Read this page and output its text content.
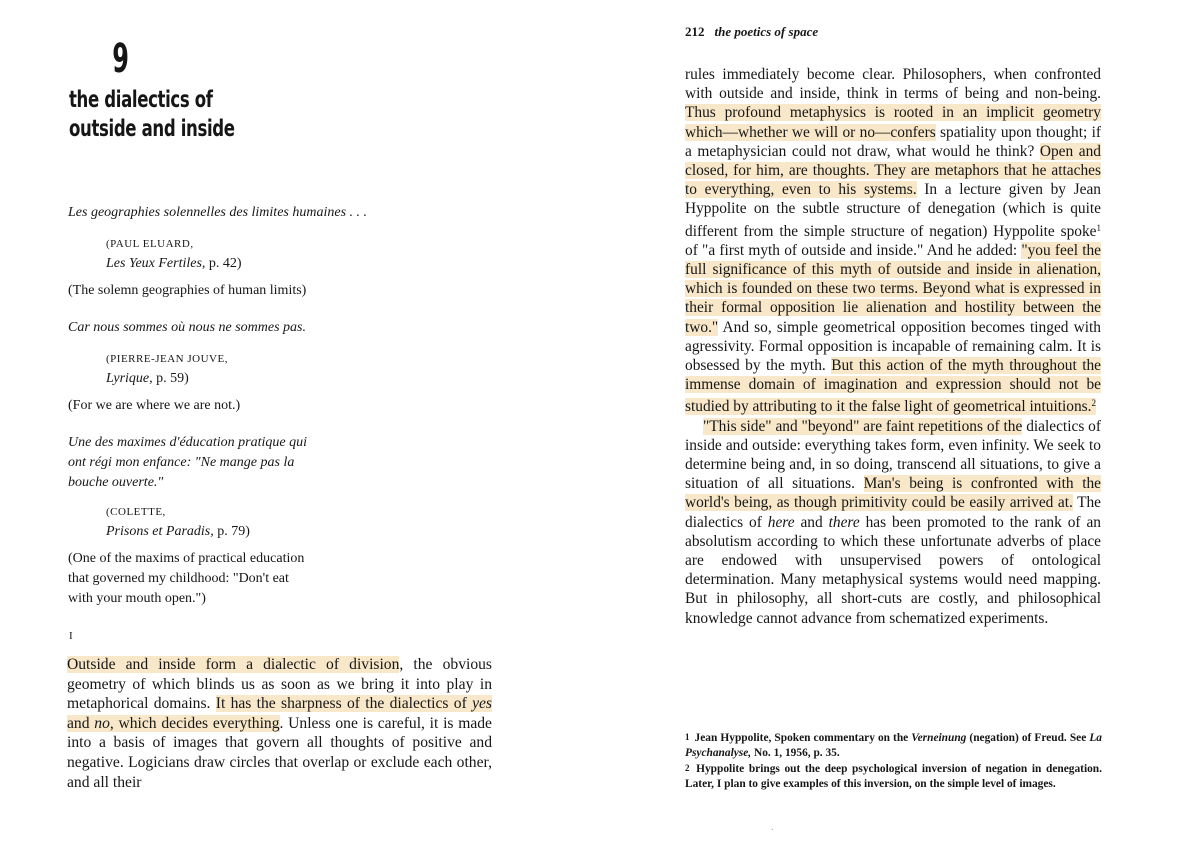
9
the dialectics of
outside and inside
Les geographies solennelles des limites humaines . . .
(PAUL ELUARD,
Les Yeux Fertiles, p. 42)
(The solemn geographies of human limits)
Car nous sommes où nous ne sommes pas.
(PIERRE-JEAN JOUVE,
Lyrique, p. 59)
(For we are where we are not.)
Une des maximes d'éducation pratique qui
ont régi mon enfance: "Ne mange pas la
bouche ouverte."
(COLETTE,
Prisons et Paradis, p. 79)
(One of the maxims of practical education
that governed my childhood: "Don't eat
with your mouth open.")
I
Outside and inside form a dialectic of division, the obvious geometry of which blinds us as soon as we bring it into play in metaphorical domains. It has the sharpness of the dialectics of yes and no, which decides everything. Unless one is careful, it is made into a basis of images that govern all thoughts of positive and negative. Logicians draw circles that overlap or exclude each other, and all their
212 the poetics of space

rules immediately become clear. Philosophers, when confronted with outside and inside, think in terms of being and non-being. Thus profound metaphysics is rooted in an implicit geometry which—whether we will or no—confers spatiality upon thought; if a metaphysician could not draw, what would he think? Open and closed, for him, are thoughts. They are metaphors that he attaches to everything, even to his systems. In a lecture given by Jean Hyppolite on the subtle structure of denegation (which is quite different from the simple structure of negation) Hyppolite spoke$^1$ of "a first myth of outside and inside." And he added: "you feel the full significance of this myth of outside and inside in alienation, which is founded on these two terms. Beyond what is expressed in their formal opposition lie alienation and hostility between the two." And so, simple geometrical opposition becomes tinged with agressivity. Formal opposition is incapable of remaining calm. It is obsessed by the myth. But this action of the myth throughout the immense domain of imagination and expression should not be studied by attributing to it the false light of geometrical intuitions.$^2$

"This side" and "beyond" are faint repetitions of the dialectics of inside and outside: everything takes form, even infinity. We seek to determine being and, in so doing, transcend all situations, to give a situation of all situations. Man's being is confronted with the world's being, as though primitivity could be easily arrived at. The dialectics of here and there has been promoted to the rank of an absolutism according to which these unfortunate adverbs of place are endowed with unsupervised powers of ontological determination. Many metaphysical systems would need mapping. But in philosophy, all short-cuts are costly, and philosophical knowledge cannot advance from schematized experiments.

1 Jean Hyppolite, Spoken commentary on the Verneinung (negation) of Freud. See La Psychanalyse, No. 1, 1956, p. 35.
2 Hyppolite brings out the deep psychological inversion of negation in denegation. Later, I plan to give examples of this inversion, on the simple level of images.
.
